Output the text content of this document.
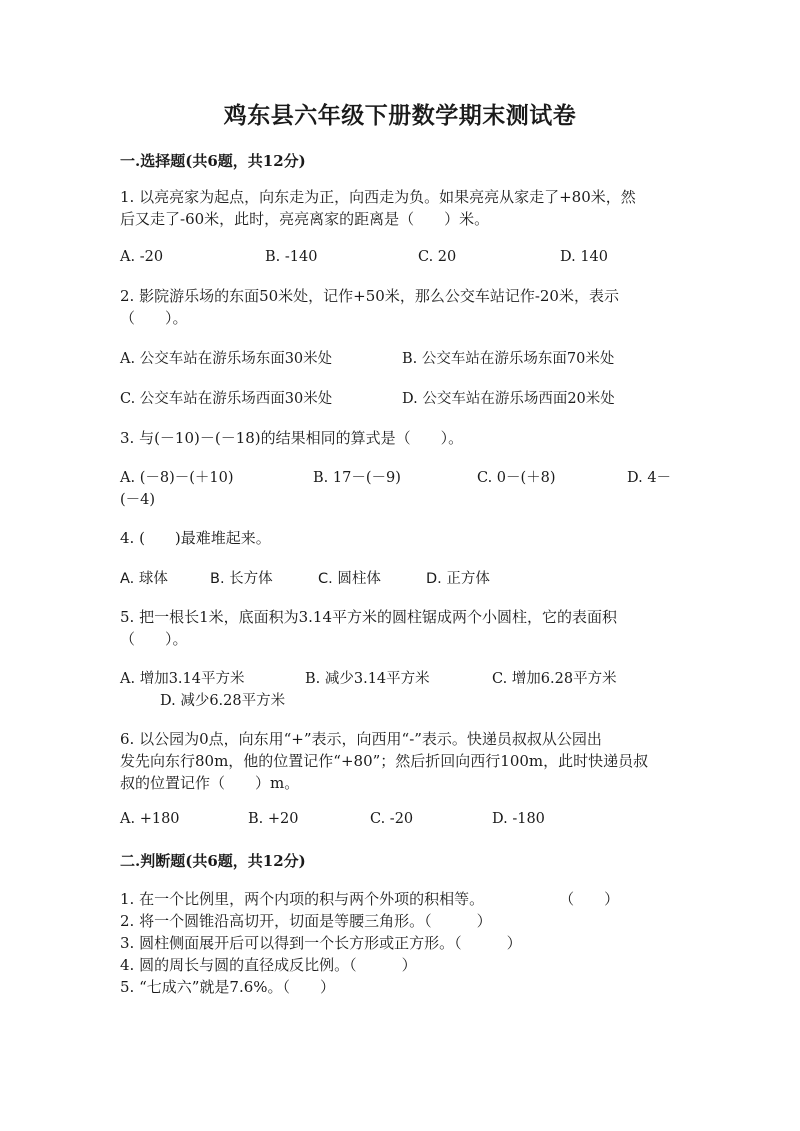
鸡东县六年级下册数学期末测试卷
一.选择题(共6题，共12分)
1. 以亮亮家为起点，向东走为正，向西走为负。如果亮亮从家走了+80米，然
后又走了-60米，此时，亮亮离家的距离是（　　）米。
A. -20	B. -140	C. 20	D. 140
2. 影院游乐场的东面50米处，记作+50米，那么公交车站记作-20米，表示
（　　）。
A. 公交车站在游乐场东面30米处	B. 公交车站在游乐场东面70米处
C. 公交车站在游乐场西面30米处	D. 公交车站在游乐场西面20米处
3. 与(－10)－(－18)的结果相同的算式是（　　）。
A. (－8)－(＋10)	B. 17－(－9)	C. 0－(＋8)	D. 4－
(－4)
4. (　　)最难堆起来。
A. 球体	B. 长方体	C. 圆柱体	D. 正方体
5. 把一根长1米，底面积为3.14平方米的圆柱锯成两个小圆柱，它的表面积
（　　）。
A. 增加3.14平方米	B. 减少3.14平方米	C. 增加6.28平方米
D. 减少6.28平方米
6. 以公园为0点，向东用“+”表示，向西用“-”表示。快递员叔叔从公园出
发先向东行80m，他的位置记作“+80”；然后折回向西行100m，此时快递员叔
叔的位置记作（　　）m。
A. +180	B. +20	C. -20	D. -180
二.判断题(共6题，共12分)
1. 在一个比例里，两个内项的积与两个外项的积相等。　　　　　　（　　）
2. 将一个圆锥沿高切开，切面是等腰三角形。（　　　）
3. 圆柱侧面展开后可以得到一个长方形或正方形。（　　　）
4. 圆的周长与圆的直径成反比例。（　　　）
5. “七成六”就是7.6%。（　　）
